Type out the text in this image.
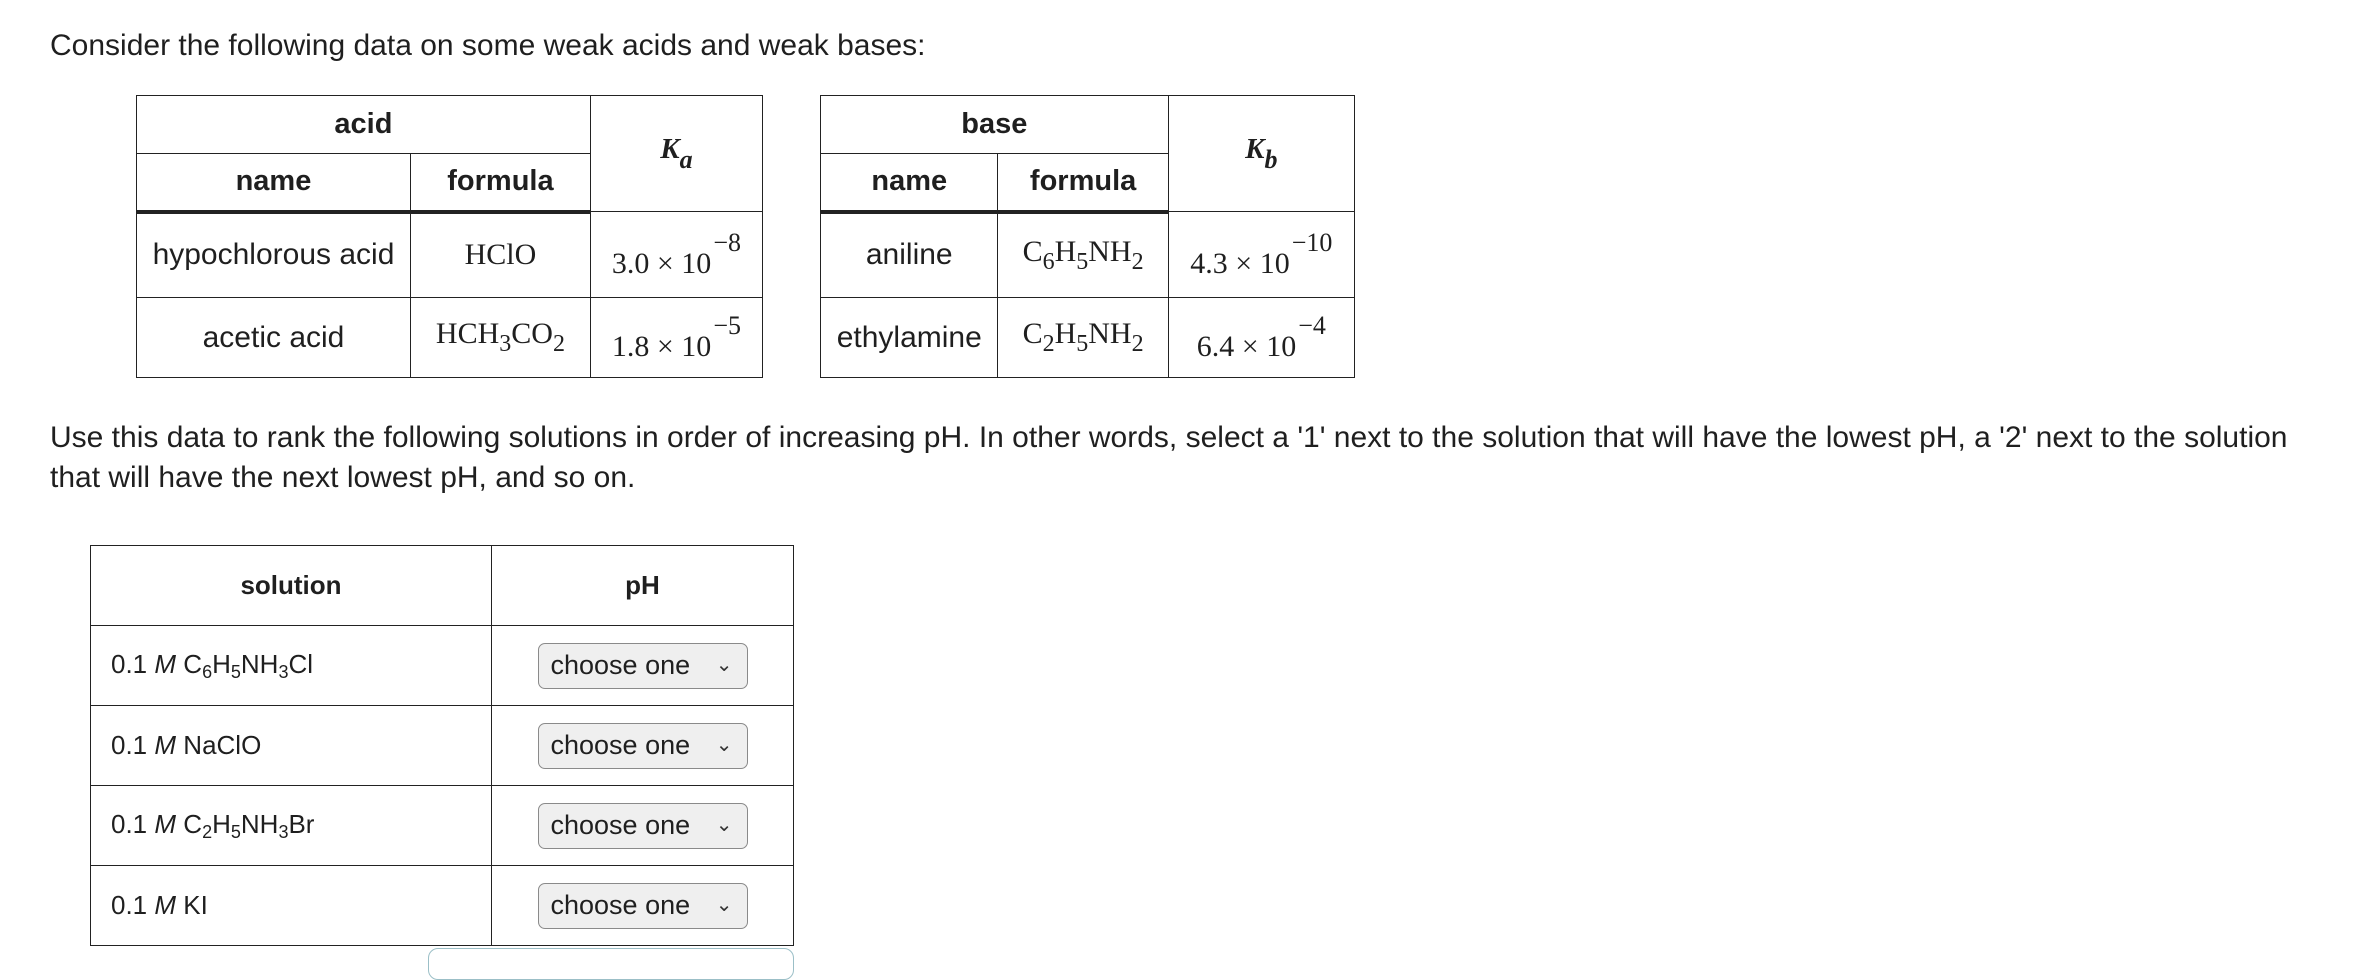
Consider the following data on some weak acids and weak bases:

acid		$K_a$
name	formula	
hypochlorous acid	HClO	$3.0 \times 10^{-8}$
acetic acid	$HCH_3CO_2$	$1.8 \times 10^{-5}$
base		$K_b$
name	formula	
aniline	$C_6H_5NH_2$	$4.3 \times 10^{-10}$
ethylamine	$C_2H_5NH_2$	$6.4 \times 10^{-4}$

Use this data to rank the following solutions in order of increasing pH. In other words, select a '1' next to the solution that will have the lowest pH, a '2' next to the solution that will have the next lowest pH, and so on.

solution	pH
0.1 M C6H5NH3Cl	choose one ⌄

0.1 M NaClO	choose one ⌄

0.1 M C2H5NH3Br	choose one ⌄

0.1 M KI	choose one ⌄
